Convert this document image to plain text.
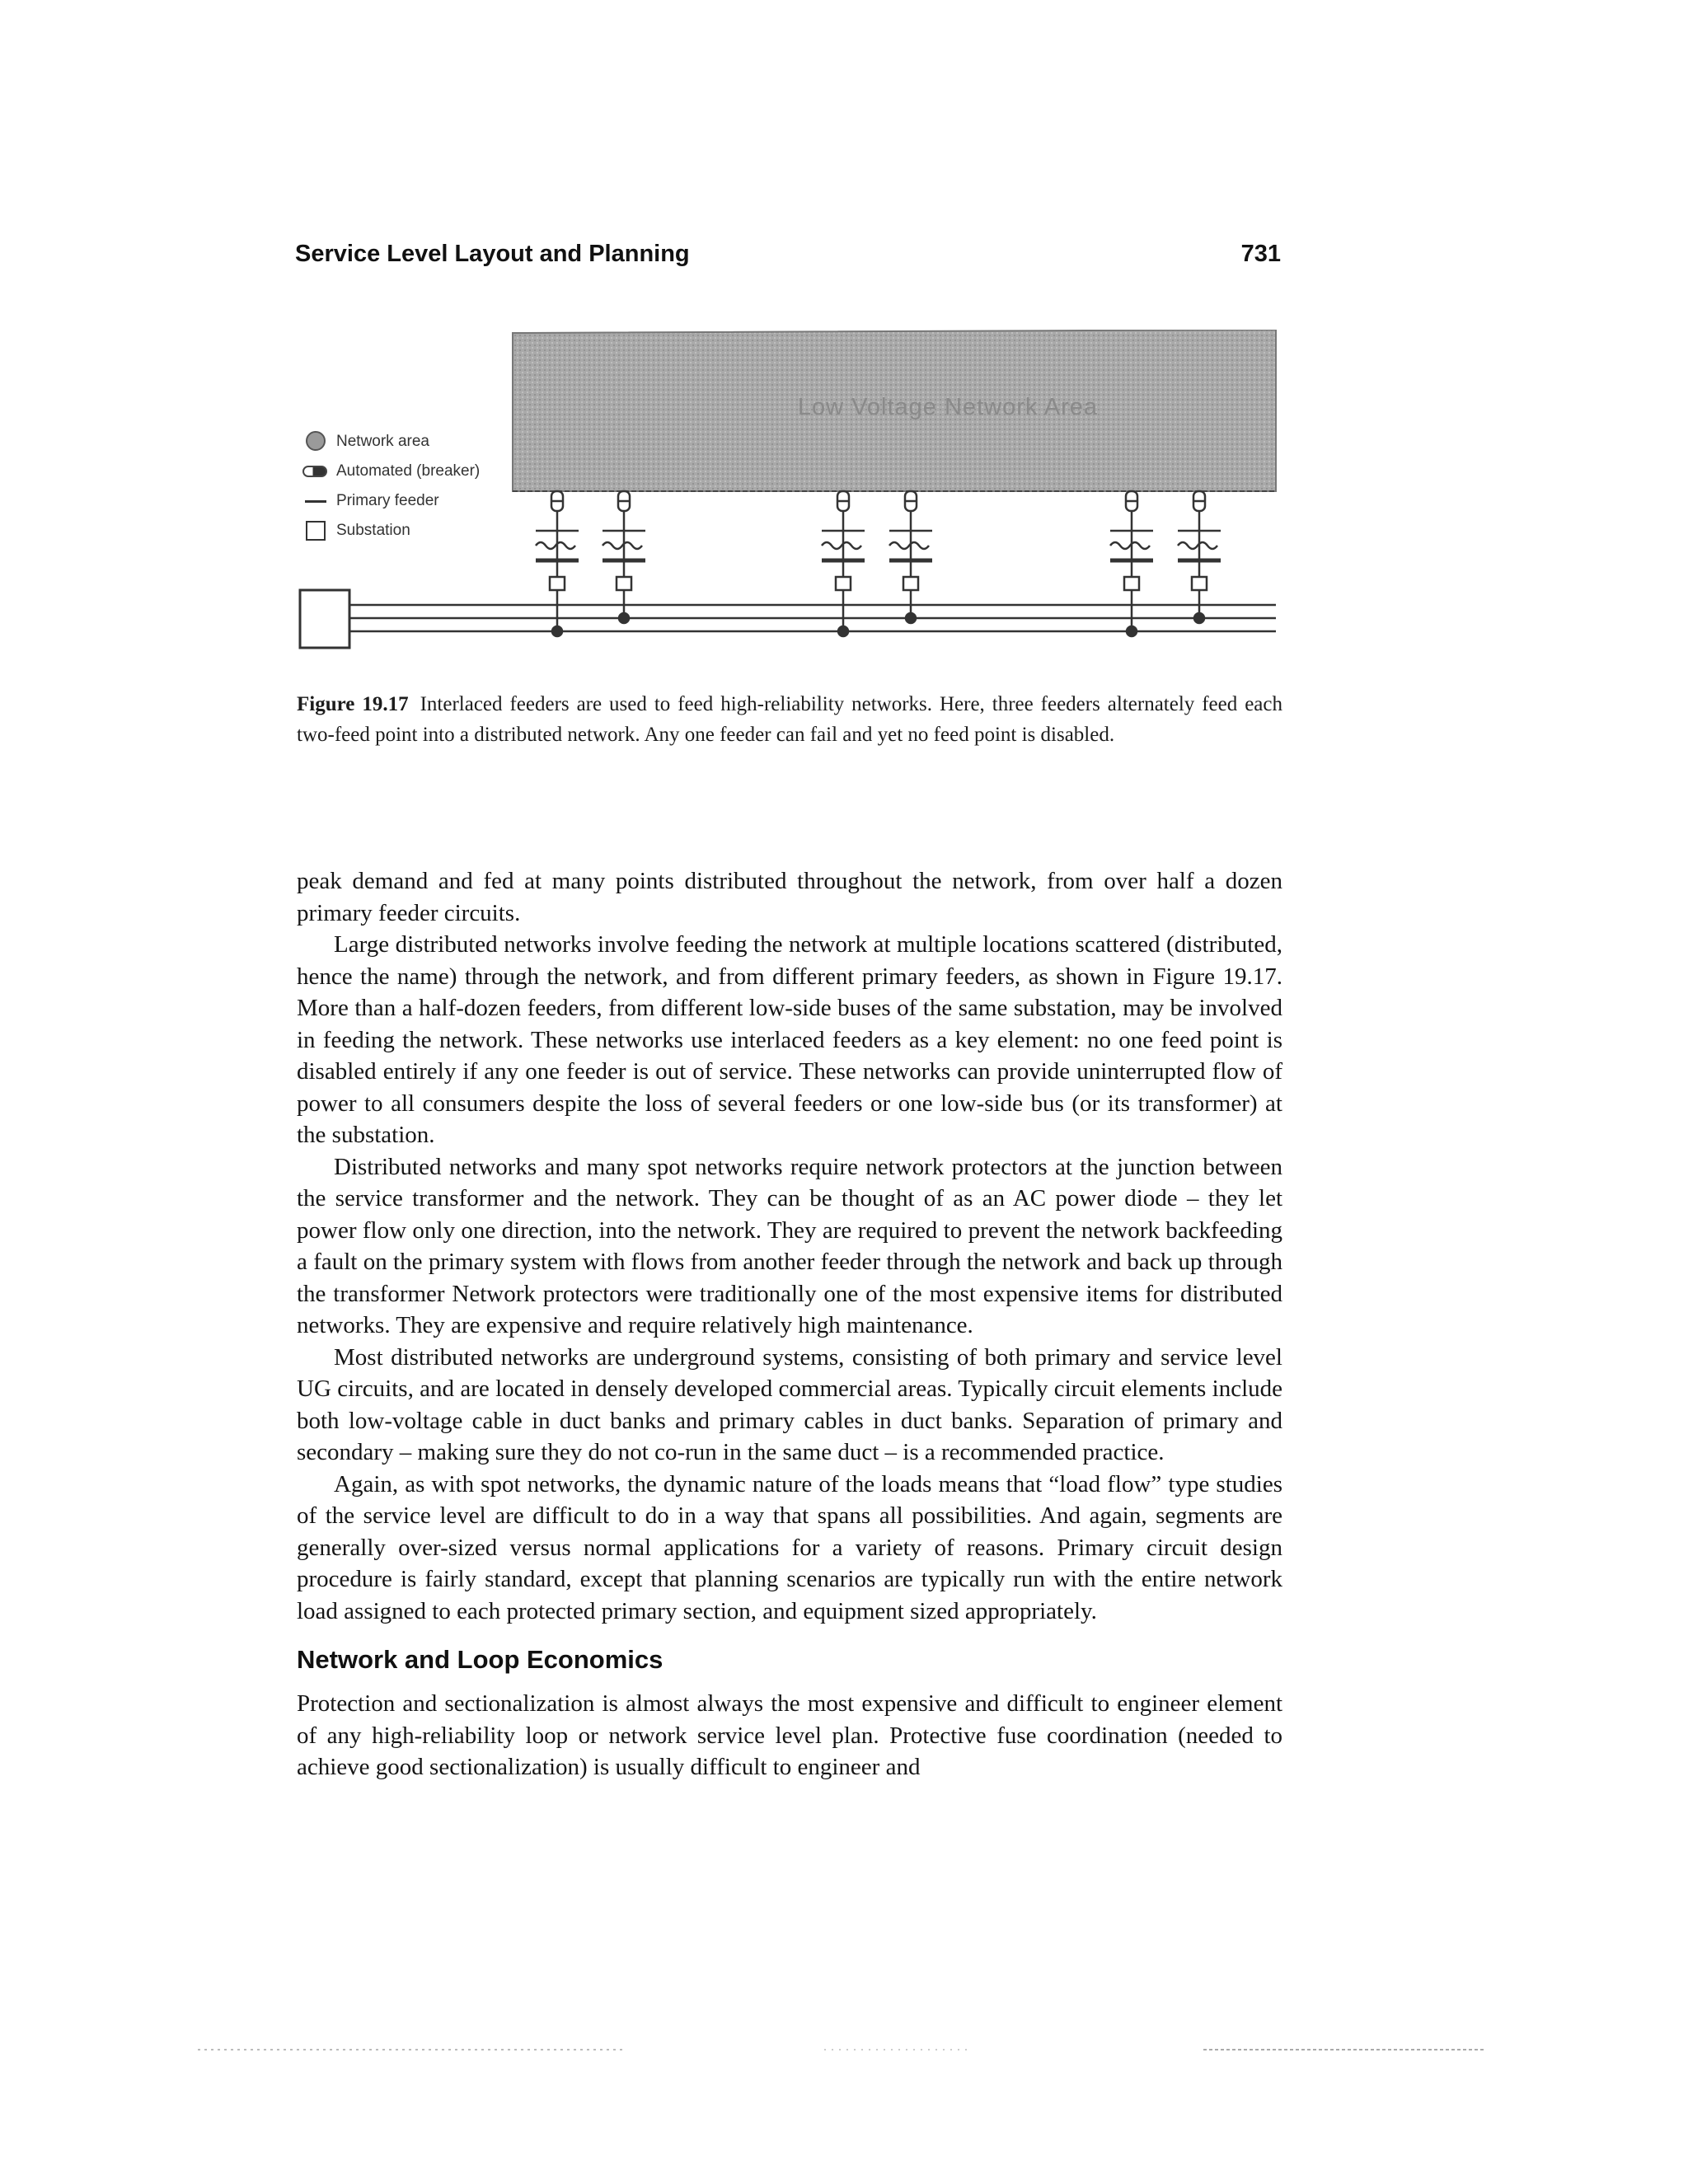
Service Level Layout and Planning	731
Network area
Automated (breaker)
Primary feeder
Substation
Low Voltage Network Area
Figure 19.17 Interlaced feeders are used to feed high-reliability networks. Here, three feeders alternately feed each two-feed point into a distributed network. Any one feeder can fail and yet no feed point is disabled.

peak demand and fed at many points distributed throughout the network, from over half a dozen primary feeder circuits.

Large distributed networks involve feeding the network at multiple locations scattered (distributed, hence the name) through the network, and from different primary feeders, as shown in Figure 19.17. More than a half-dozen feeders, from different low-side buses of the same substation, may be involved in feeding the network. These networks use interlaced feeders as a key element: no one feed point is disabled entirely if any one feeder is out of service. These networks can provide uninterrupted flow of power to all consumers despite the loss of several feeders or one low-side bus (or its transformer) at the substation.

Distributed networks and many spot networks require network protectors at the junction between the service transformer and the network. They can be thought of as an AC power diode – they let power flow only one direction, into the network. They are required to prevent the network backfeeding a fault on the primary system with flows from another feeder through the network and back up through the transformer Network protectors were traditionally one of the most expensive items for distributed networks. They are expensive and require relatively high maintenance.

Most distributed networks are underground systems, consisting of both primary and service level UG circuits, and are located in densely developed commercial areas. Typically circuit elements include both low-voltage cable in duct banks and primary cables in duct banks. Separation of primary and secondary – making sure they do not co-run in the same duct – is a recommended practice.

Again, as with spot networks, the dynamic nature of the loads means that “load flow” type studies of the service level are difficult to do in a way that spans all possibilities. And again, segments are generally over-sized versus normal applications for a variety of reasons. Primary circuit design procedure is fairly standard, except that planning scenarios are typically run with the entire network load assigned to each protected primary section, and equipment sized appropriately.

Network and Loop Economics

Protection and sectionalization is almost always the most expensive and difficult to engineer element of any high-reliability loop or network service level plan. Protective fuse coordination (needed to achieve good sectionalization) is usually difficult to engineer and
